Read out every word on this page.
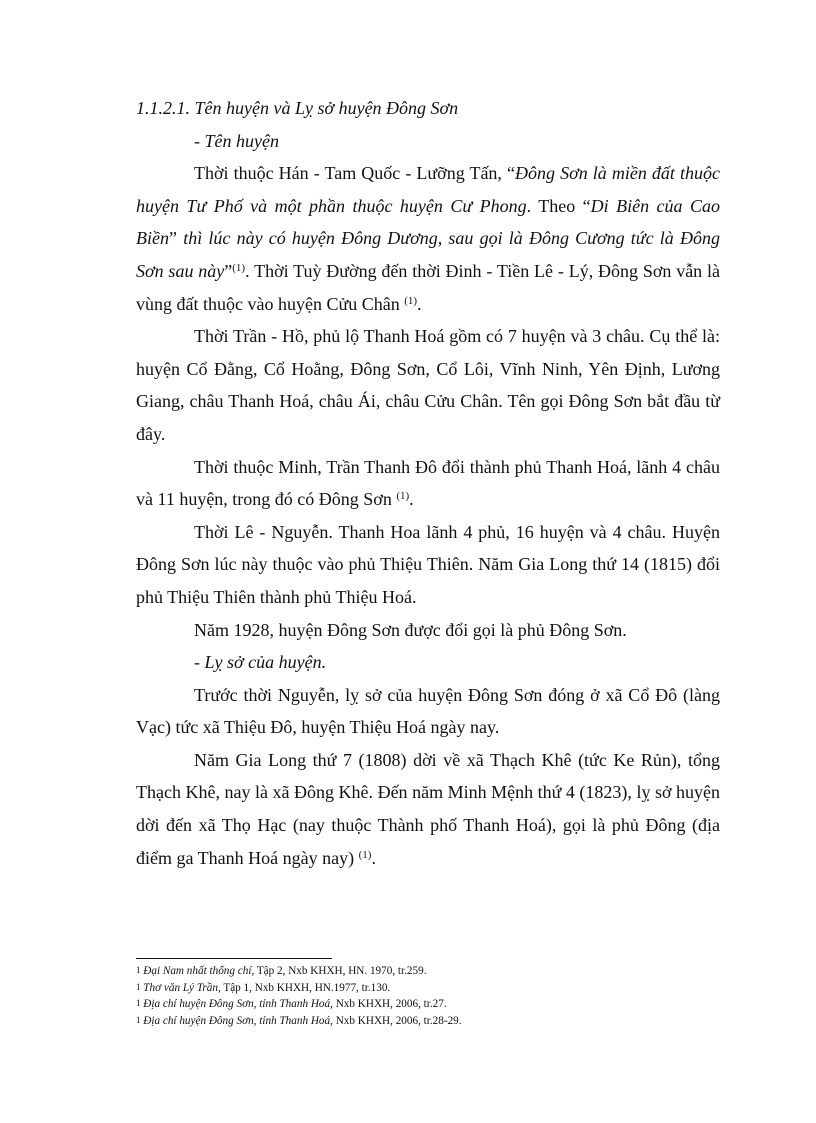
1.1.2.1. Tên huyện và Lỵ sở huyện Đông Sơn

- Tên huyện

Thời thuộc Hán - Tam Quốc - Lưỡng Tấn, “Đông Sơn là miền đất thuộc huyện Tư Phố và một phần thuộc huyện Cư Phong. Theo “Di Biên của Cao Biền” thì lúc này có huyện Đông Dương, sau gọi là Đông Cương tức là Đông Sơn sau này”$^{(1)}$. Thời Tuỳ Đường đến thời Đinh - Tiền Lê - Lý, Đông Sơn vẫn là vùng đất thuộc vào huyện Cửu Chân $^{(1)}$.

Thời Trần - Hồ, phủ lộ Thanh Hoá gồm có 7 huyện và 3 châu. Cụ thể là: huyện Cổ Đằng, Cổ Hoằng, Đông Sơn, Cổ Lôi, Vĩnh Ninh, Yên Định, Lương Giang, châu Thanh Hoá, châu Ái, châu Cửu Chân. Tên gọi Đông Sơn bắt đầu từ đây.

Thời thuộc Minh, Trần Thanh Đô đổi thành phủ Thanh Hoá, lãnh 4 châu và 11 huyện, trong đó có Đông Sơn $^{(1)}$.

Thời Lê - Nguyễn. Thanh Hoa lãnh 4 phủ, 16 huyện và 4 châu. Huyện Đông Sơn lúc này thuộc vào phủ Thiệu Thiên. Năm Gia Long thứ 14 (1815) đổi phủ Thiệu Thiên thành phủ Thiệu Hoá.

Năm 1928, huyện Đông Sơn được đổi gọi là phủ Đông Sơn.

- Lỵ sở của huyện.

Trước thời Nguyễn, lỵ sở của huyện Đông Sơn đóng ở xã Cổ Đô (làng Vạc) tức xã Thiệu Đô, huyện Thiệu Hoá ngày nay.

Năm Gia Long thứ 7 (1808) dời về xã Thạch Khê (tức Ke Rủn), tổng Thạch Khê, nay là xã Đông Khê. Đến năm Minh Mệnh thứ 4 (1823), lỵ sở huyện dời đến xã Thọ Hạc (nay thuộc Thành phố Thanh Hoá), gọi là phủ Đông (địa điểm ga Thanh Hoá ngày nay) $^{(1)}$.

1 Đại Nam nhất thống chí, Tập 2, Nxb KHXH, HN. 1970, tr.259.

1 Thơ văn Lý Trần, Tập 1, Nxb KHXH, HN.1977, tr.130.

1 Địa chí huyện Đông Sơn, tỉnh Thanh Hoá, Nxb KHXH, 2006, tr.27.

1 Địa chí huyện Đông Sơn, tỉnh Thanh Hoá, Nxb KHXH, 2006, tr.28-29.
